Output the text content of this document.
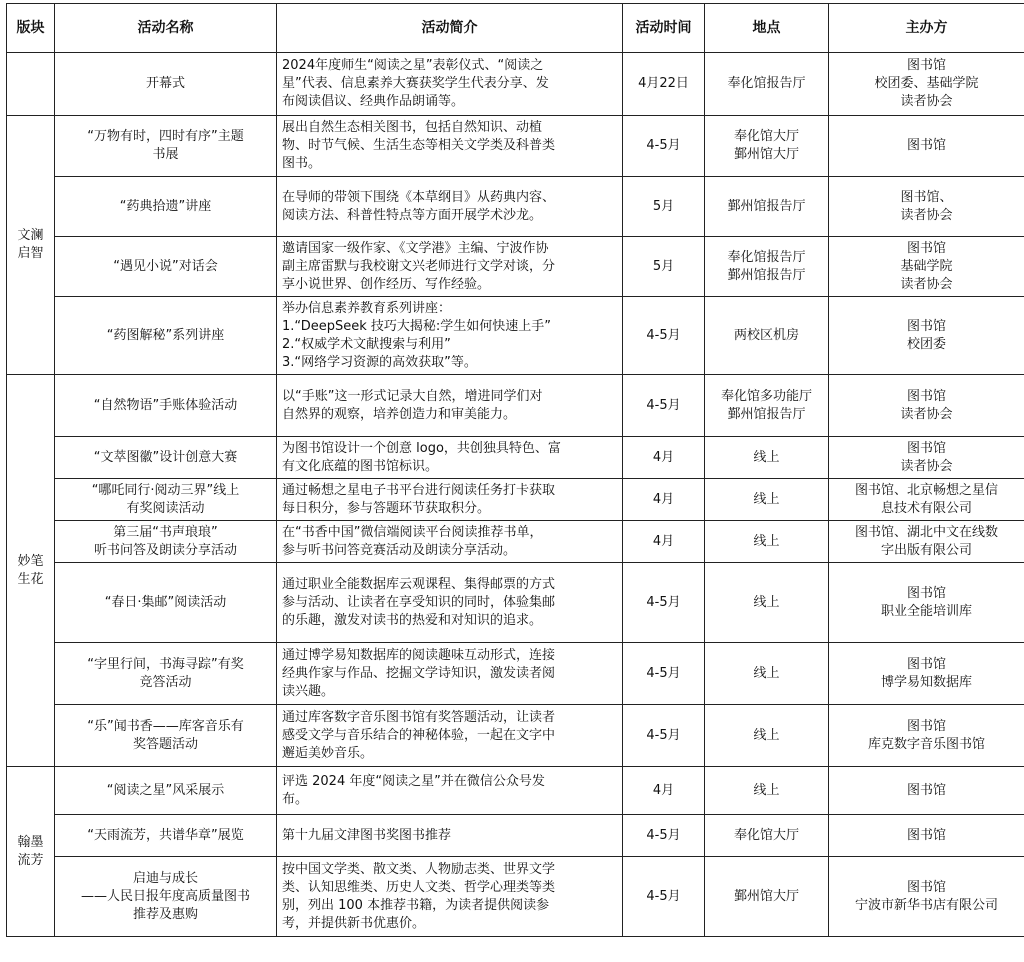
版块	活动名称	活动简介	活动时间	地点	主办方

	开幕式	2024年度师生“阅读之星”表彰仪式、“阅读之
星”代表、信息素养大赛获奖学生代表分享、发
布阅读倡议、经典作品朗诵等。	4月22日	奉化馆报告厅	图书馆
校团委、基础学院
读者协会

文澜
启智	“万物有时，四时有序”主题
书展	展出自然生态相关图书，包括自然知识、动植
物、时节气候、生活生态等相关文学类及科普类
图书。	4-5月	奉化馆大厅
鄞州馆大厅	图书馆

	“药典拾遗”讲座	在导师的带领下围绕《本草纲目》从药典内容、
阅读方法、科普性特点等方面开展学术沙龙。	5月	鄞州馆报告厅	图书馆、
读者协会

	“遇见小说”对话会	邀请国家一级作家、《文学港》主编、宁波作协
副主席雷默与我校谢文兴老师进行文学对谈，分
享小说世界、创作经历、写作经验。	5月	奉化馆报告厅
鄞州馆报告厅	图书馆
基础学院
读者协会

	“药图解秘”系列讲座	举办信息素养教育系列讲座：
1.“DeepSeek 技巧大揭秘:学生如何快速上手”
2.“权威学术文献搜索与利用”
3.“网络学习资源的高效获取”等。	4-5月	两校区机房	图书馆
校团委

妙笔
生花	“自然物语”手账体验活动	以“手账”这一形式记录大自然，增进同学们对
自然界的观察，培养创造力和审美能力。	4-5月	奉化馆多功能厅
鄞州馆报告厅	图书馆
读者协会

	“文萃图徽”设计创意大赛	为图书馆设计一个创意 logo，共创独具特色、富
有文化底蕴的图书馆标识。	4月	线上	图书馆
读者协会

	“哪吒同行·阅动三界”线上
有奖阅读活动	通过畅想之星电子书平台进行阅读任务打卡获取
每日积分，参与答题环节获取积分。	4月	线上	图书馆、北京畅想之星信
息技术有限公司

	第三届“书声琅琅”
听书问答及朗读分享活动	在“书香中国”微信端阅读平台阅读推荐书单，
参与听书问答竞赛活动及朗读分享活动。	4月	线上	图书馆、湖北中文在线数
字出版有限公司

	“春日·集邮”阅读活动	通过职业全能数据库云观课程、集得邮票的方式
参与活动、让读者在享受知识的同时，体验集邮
的乐趣，激发对读书的热爱和对知识的追求。	4-5月	线上	图书馆
职业全能培训库

	“字里行间，书海寻踪”有奖
竞答活动	通过博学易知数据库的阅读趣味互动形式，连接
经典作家与作品、挖掘文学诗知识，激发读者阅
读兴趣。	4-5月	线上	图书馆
博学易知数据库

	“乐”闻书香——库客音乐有
奖答题活动	通过库客数字音乐图书馆有奖答题活动，让读者
感受文学与音乐结合的神秘体验，一起在文字中
邂逅美妙音乐。	4-5月	线上	图书馆
库克数字音乐图书馆

翰墨
流芳	“阅读之星”风采展示	评选 2024 年度“阅读之星”并在微信公众号发
布。	4月	线上	图书馆

	“天雨流芳，共谱华章”展览	第十九届文津图书奖图书推荐	4-5月	奉化馆大厅	图书馆

	启迪与成长
——人民日报年度高质量图书
推荐及惠购	按中国文学类、散文类、人物励志类、世界文学
类、认知思维类、历史人文类、哲学心理类等类
别，列出 100 本推荐书籍，为读者提供阅读参
考，并提供新书优惠价。	4-5月	鄞州馆大厅	图书馆
宁波市新华书店有限公司
